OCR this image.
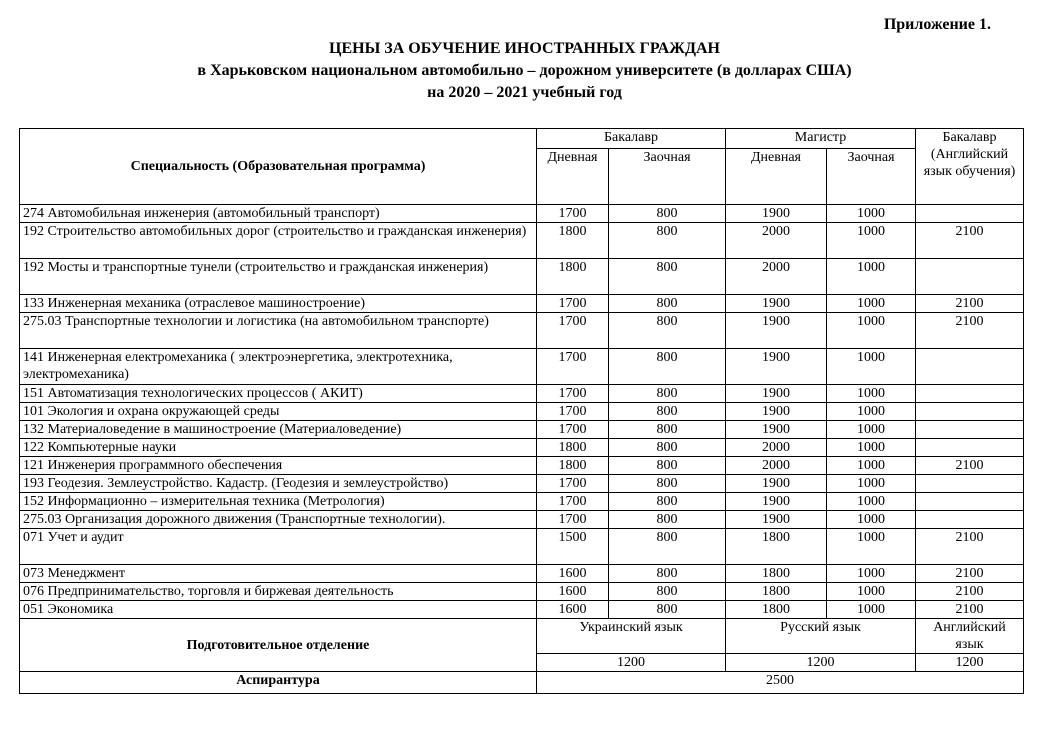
Приложение 1.
ЦЕНЫ ЗА ОБУЧЕНИЕ ИНОСТРАННЫХ ГРАЖДАН
в Харьковском национальном автомобильно – дорожном университете (в долларах США)
на 2020 – 2021 учебный год
Специальность (Образовательная программа)	Бакалавр		Магистр		Бакалавр (Английский язык обучения)
	Дневная	Заочная	Дневная	Заочная	
274 Автомобильная инженерия (автомобильный транспорт)	1700	800	1900	1000	
192 Строительство автомобильных дорог (строительство и гражданская инженерия)	1800	800	2000	1000	2100
192 Мосты и транспортные тунели (строительство и гражданская инженерия)	1800	800	2000	1000	
133 Инженерная механика (отраслевое машиностроение)	1700	800	1900	1000	2100
275.03 Транспортные технологии и логистика (на автомобильном транспорте)	1700	800	1900	1000	2100
141 Инженерная електромеханика ( электроэнергетика, электротехника, электромеханика)	1700	800	1900	1000	
151 Автоматизация технологических процессов ( АКИТ)	1700	800	1900	1000	
101 Экология и охрана окружающей среды	1700	800	1900	1000	
132 Материаловедение в машиностроение (Материаловедение)	1700	800	1900	1000	
122 Компьютерные науки	1800	800	2000	1000	
121 Инженерия программного обеспечения	1800	800	2000	1000	2100
193 Геодезия. Землеустройство. Кадастр. (Геодезия и землеустройство)	1700	800	1900	1000	
152 Информационно – измерительная техника (Метрология)	1700	800	1900	1000	
275.03 Организация дорожного движения (Транспортные технологии).	1700	800	1900	1000	
071 Учет и аудит	1500	800	1800	1000	2100
073 Менеджмент	1600	800	1800	1000	2100
076 Предпринимательство, торговля и биржевая деятельность	1600	800	1800	1000	2100
051 Экономика	1600	800	1800	1000	2100
Подготовительное отделение	Украинский язык		Русский язык		Английский язык
	1200		1200		1200
Аспирантура	2500				
